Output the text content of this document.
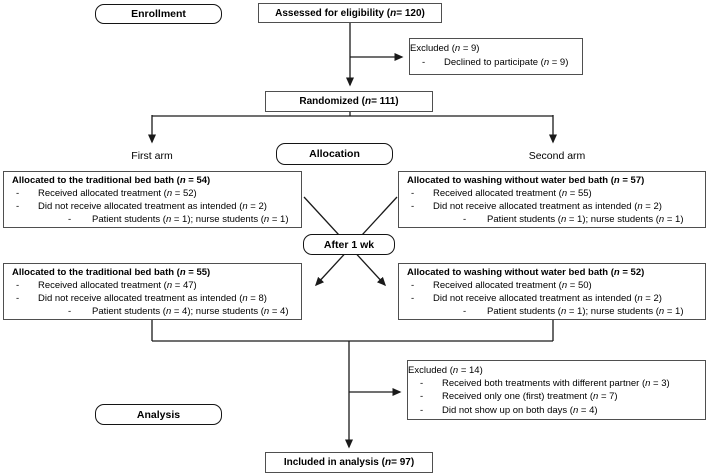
Enrollment
Allocation
After 1 wk
Analysis
Assessed for eligibility ( n = 120)
Excluded (n = 9)
- Declined to participate (n = 9)
Randomized ( n = 111)
First arm	Second arm
Allocated to the traditional bed bath (n = 54)
- Received allocated treatment (n = 52)
- Did not receive allocated treatment as intended (n = 2)
- Patient students (n = 1); nurse students (n = 1)
Allocated to washing without water bed bath (n = 57)
- Received allocated treatment (n = 55)
- Did not receive allocated treatment as intended (n = 2)
- Patient students (n = 1); nurse students (n = 1)
Allocated to the traditional bed bath (n = 55)
- Received allocated treatment (n = 47)
- Did not receive allocated treatment as intended (n = 8)
- Patient students (n = 4); nurse students (n = 4)
Allocated to washing without water bed bath (n = 52)
- Received allocated treatment (n = 50)
- Did not receive allocated treatment as intended (n = 2)
- Patient students (n = 1); nurse students (n = 1)
Excluded (n = 14)
- Received both treatments with different partner (n = 3)
- Received only one (first) treatment (n = 7)
- Did not show up on both days (n = 4)
Included in analysis ( n = 97)
